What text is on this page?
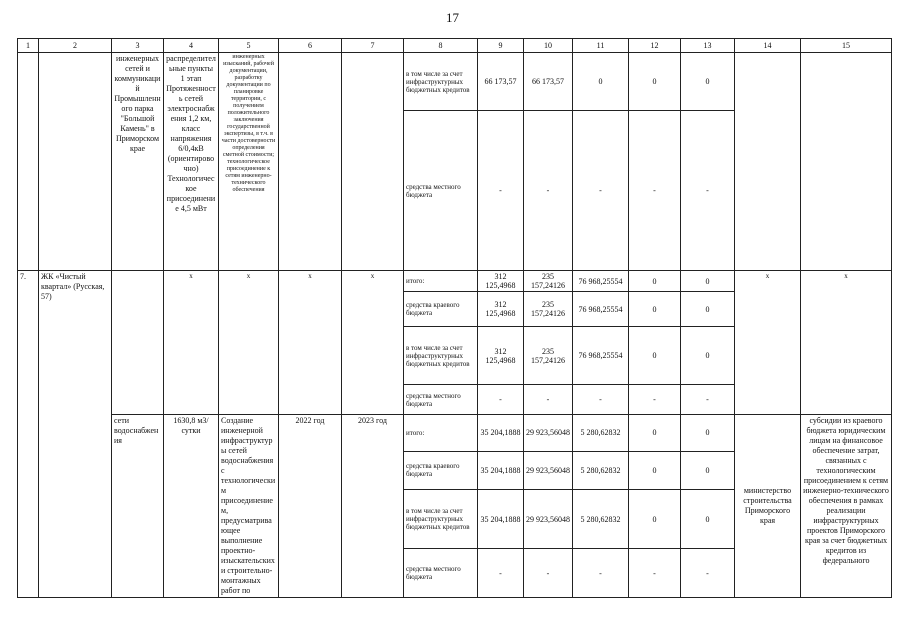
17
1	2	3	4	5	6	7	8	9	10	11	12	13	14	15
		инженерных сетей и коммуникаций Промышленного парка "Большой Камень" в Приморском крае	распределительные пункты 1 этап Протяженность сетей электроснабжения 1,2 км, класс напряжения 6/0,4кВ (ориентировочно) Технологическое присоединение 4,5 мВт	инженерных изысканий, рабочей документации, разработку документации по планировке территории, с получением положительного заключения государственной экспертизы, в т.ч. в части достоверности определения сметной стоимости; технологическое присоединение к сетям инженерно-технического обеспечения			в том числе за счет инфраструктурных бюджетных кредитов	66 173,57	66 173,57	0	0	0		
							средства местного бюджета	-	-	-	-	-		
7.	ЖК «Чистый квартал» (Русская, 57)		х	х	х	х	итого:	312 125,4968	235 157,24126	76 968,25554	0	0	х	х
							средства краевого бюджета	312 125,4968	235 157,24126	76 968,25554	0	0		
							в том числе за счет инфраструктурных бюджетных кредитов	312 125,4968	235 157,24126	76 968,25554	0	0		
							средства местного бюджета	-	-	-	-	-		
		сети водоснабжения	1630,8 м3/сутки	Создание инженерной инфраструктуры сетей водоснабжения с технологическим присоединением, предусматривающее выполнение проектно-изыскательских и строительно-монтажных работ по	2022 год	2023 год	итого:	35 204,1888	29 923,56048	5 280,62832	0	0	министерство строительства Приморского края	субсидии из краевого бюджета юридическим лицам на финансовое обеспечение затрат, связанных с технологическим присоединением к сетям инженерно-технического обеспечения в рамках реализации инфраструктурных проектов Приморского края за счет бюджетных кредитов из федерального
							средства краевого бюджета	35 204,1888	29 923,56048	5 280,62832	0	0		
							в том числе за счет инфраструктурных бюджетных кредитов	35 204,1888	29 923,56048	5 280,62832	0	0		
							средства местного бюджета	-	-	-	-	-		
